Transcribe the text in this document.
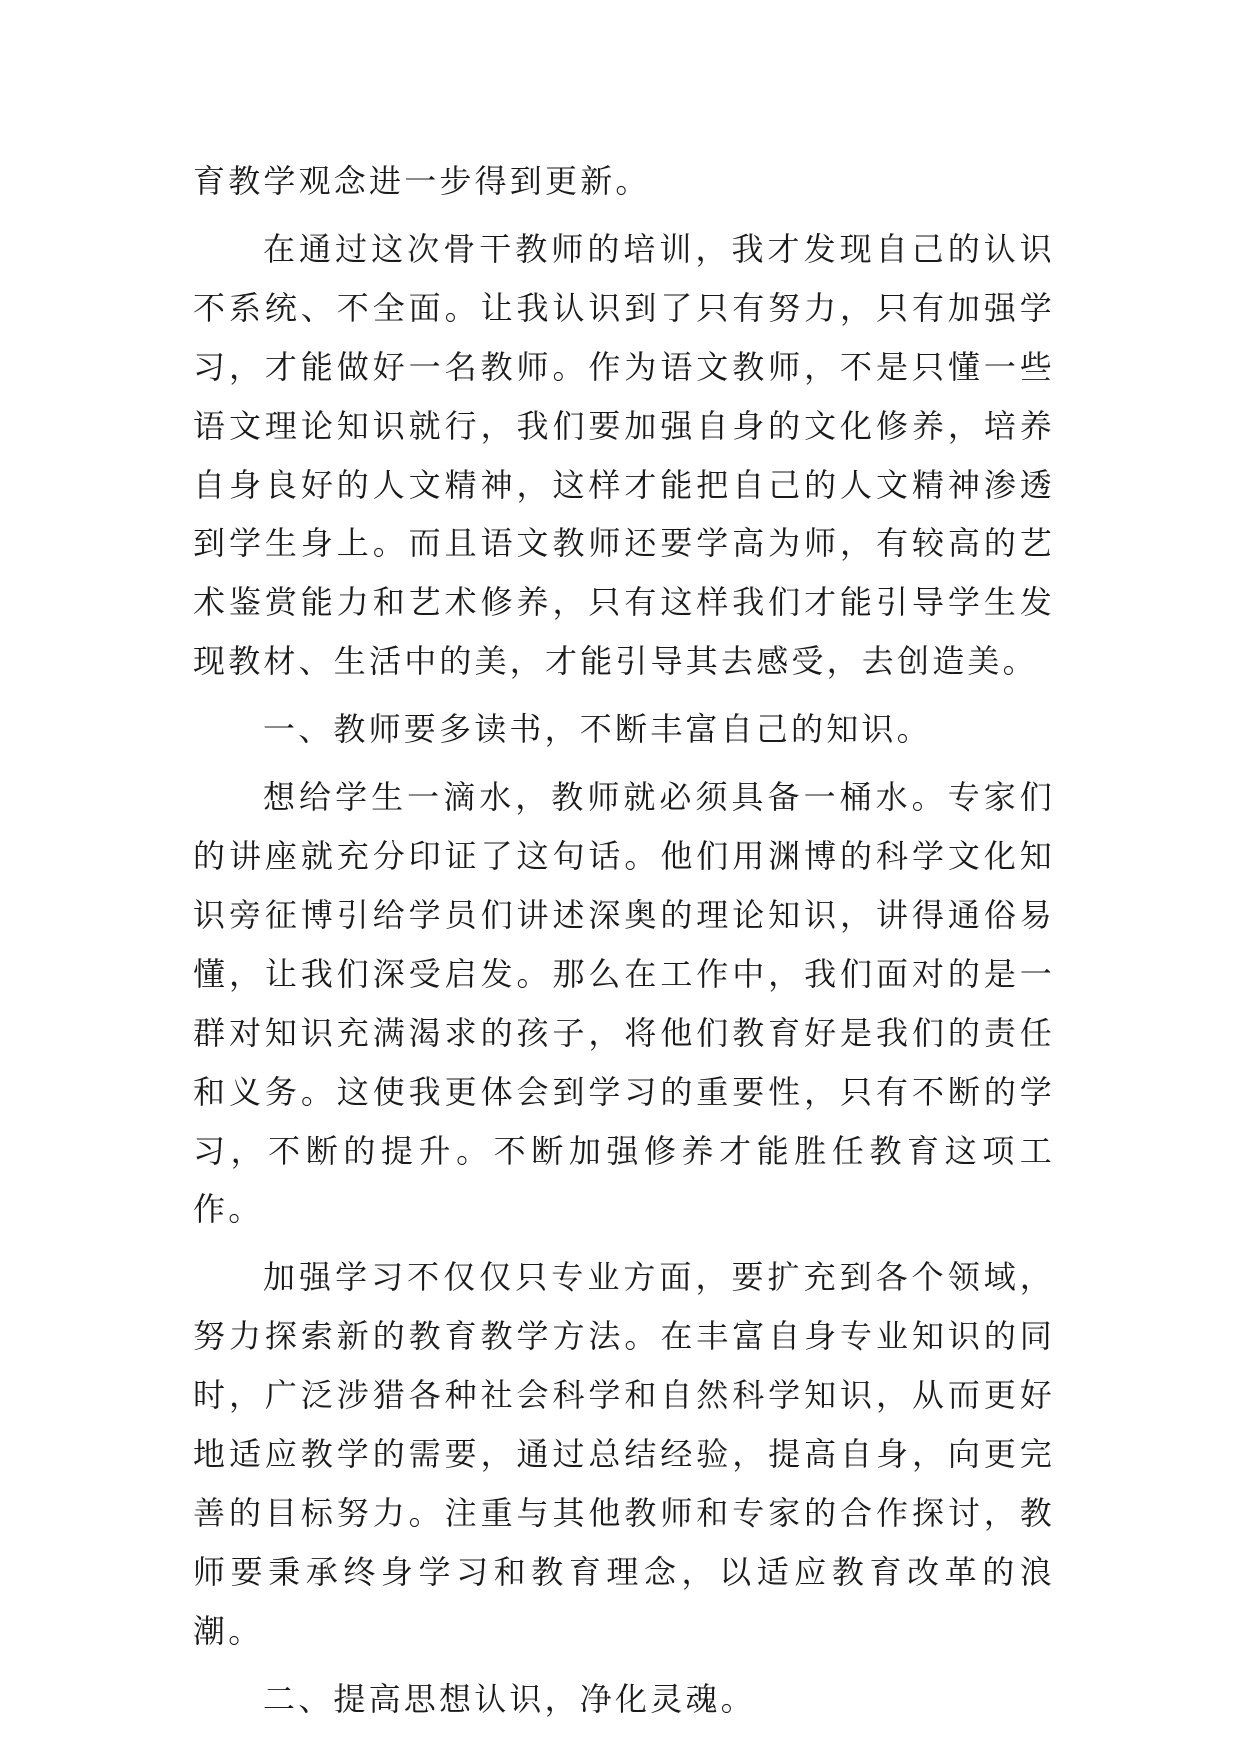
育教学观念进一步得到更新。

在通过这次骨干教师的培训，我才发现自己的认识不系统、不全面。让我认识到了只有努力，只有加强学习，才能做好一名教师。作为语文教师，不是只懂一些语文理论知识就行，我们要加强自身的文化修养，培养自身良好的人文精神，这样才能把自己的人文精神渗透到学生身上。而且语文教师还要学高为师，有较高的艺术鉴赏能力和艺术修养，只有这样我们才能引导学生发现教材、生活中的美，才能引导其去感受，去创造美。

一、教师要多读书，不断丰富自己的知识。

想给学生一滴水，教师就必须具备一桶水。专家们的讲座就充分印证了这句话。他们用渊博的科学文化知识旁征博引给学员们讲述深奥的理论知识，讲得通俗易懂，让我们深受启发。那么在工作中，我们面对的是一群对知识充满渴求的孩子，将他们教育好是我们的责任和义务。这使我更体会到学习的重要性，只有不断的学习，不断的提升。不断加强修养才能胜任教育这项工作。

加强学习不仅仅只专业方面，要扩充到各个领域，努力探索新的教育教学方法。在丰富自身专业知识的同时，广泛涉猎各种社会科学和自然科学知识，从而更好地适应教学的需要，通过总结经验，提高自身，向更完善的目标努力。注重与其他教师和专家的合作探讨，教师要秉承终身学习和教育理念，以适应教育改革的浪潮。

二、提高思想认识，净化灵魂。
